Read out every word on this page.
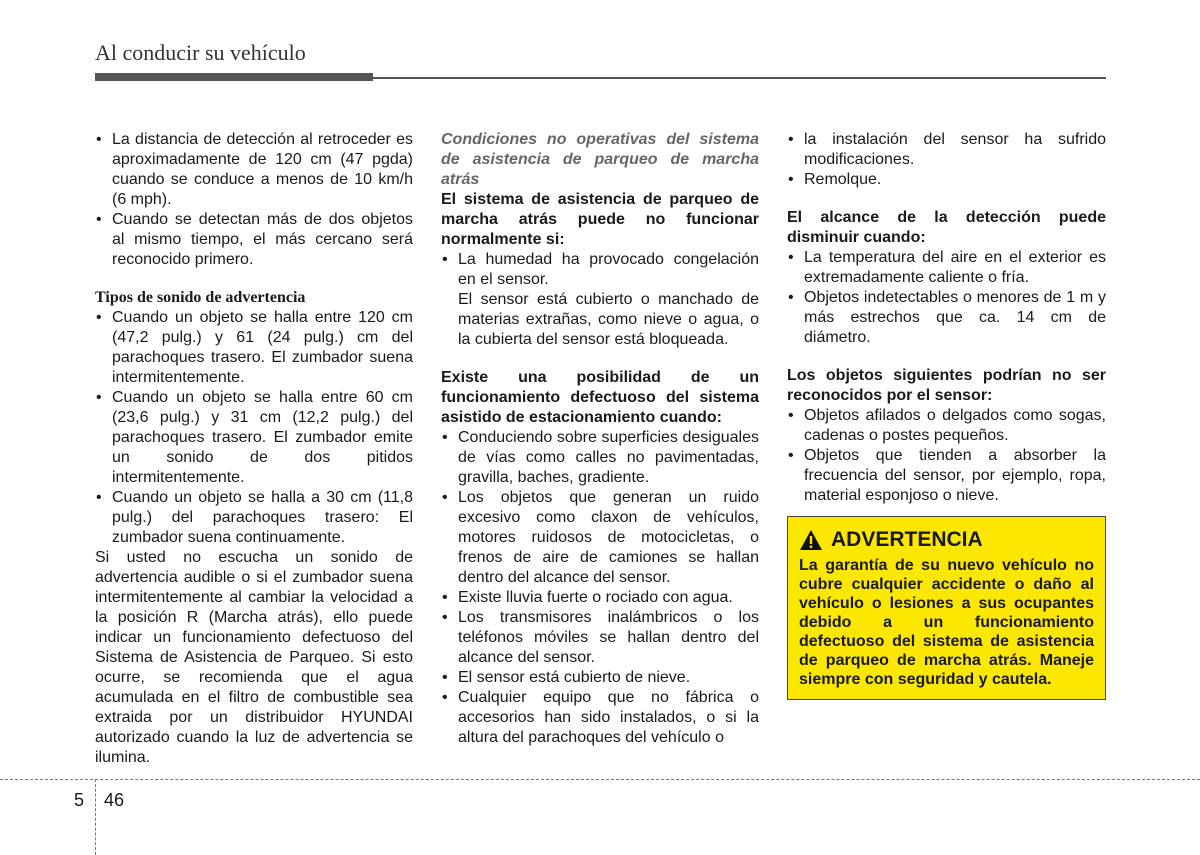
Al conducir su vehículo
• La distancia de detección al retroceder es aproximadamente de 120 cm (47 pgda) cuando se conduce a menos de 10 km/h (6 mph).
• Cuando se detectan más de dos objetos al mismo tiempo, el más cercano será reconocido primero.

Tipos de sonido de advertencia

• Cuando un objeto se halla entre 120 cm (47,2 pulg.) y 61 (24 pulg.) cm del parachoques trasero. El zumbador suena intermitentemente.
• Cuando un objeto se halla entre 60 cm (23,6 pulg.) y 31 cm (12,2 pulg.) del parachoques trasero. El zumbador emite un sonido de dos pitidos intermitentemente.
• Cuando un objeto se halla a 30 cm (11,8 pulg.) del parachoques trasero: El zumbador suena continuamente.

Si usted no escucha un sonido de advertencia audible o si el zumbador suena intermitentemente al cambiar la velocidad a la posición R (Marcha atrás), ello puede indicar un funcionamiento defectuoso del Sistema de Asistencia de Parqueo. Si esto ocurre, se recomienda que el agua acumulada en el filtro de combustible sea extraida por un distribuidor HYUNDAI autorizado cuando la luz de advertencia se ilumina.

Condiciones no operativas del sistema de asistencia de parqueo de marcha atrás

El sistema de asistencia de parqueo de marcha atrás puede no funcionar normalmente si:

• La humedad ha provocado congelación en el sensor.
El sensor está cubierto o manchado de materias extrañas, como nieve o agua, o la cubierta del sensor está bloqueada.

Existe una posibilidad de un funcionamiento defectuoso del sistema asistido de estacionamiento cuando:

• Conduciendo sobre superficies desiguales de vías como calles no pavimentadas, gravilla, baches, gradiente.
• Los objetos que generan un ruido excesivo como claxon de vehículos, motores ruidosos de motocicletas, o frenos de aire de camiones se hallan dentro del alcance del sensor.
• Existe lluvia fuerte o rociado con agua.
• Los transmisores inalámbricos o los teléfonos móviles se hallan dentro del alcance del sensor.
• El sensor está cubierto de nieve.
• Cualquier equipo que no fábrica o accesorios han sido instalados, o si la altura del parachoques del vehículo o
• la instalación del sensor ha sufrido modificaciones.
• Remolque.

El alcance de la detección puede disminuir cuando:

• La temperatura del aire en el exterior es extremadamente caliente o fría.
• Objetos indetectables o menores de 1 m y más estrechos que ca. 14 cm de diámetro.

Los objetos siguientes podrían no ser reconocidos por el sensor:

• Objetos afilados o delgados como sogas, cadenas o postes pequeños.
• Objetos que tienden a absorber la frecuencia del sensor, por ejemplo, ropa, material esponjoso o nieve.
ADVERTENCIA
La garantía de su nuevo vehículo no cubre cualquier accidente o daño al vehículo o lesiones a sus ocupantes debido a un funcionamiento defectuoso del sistema de asistencia de parqueo de marcha atrás. Maneje siempre con seguridad y cautela.
5 46
